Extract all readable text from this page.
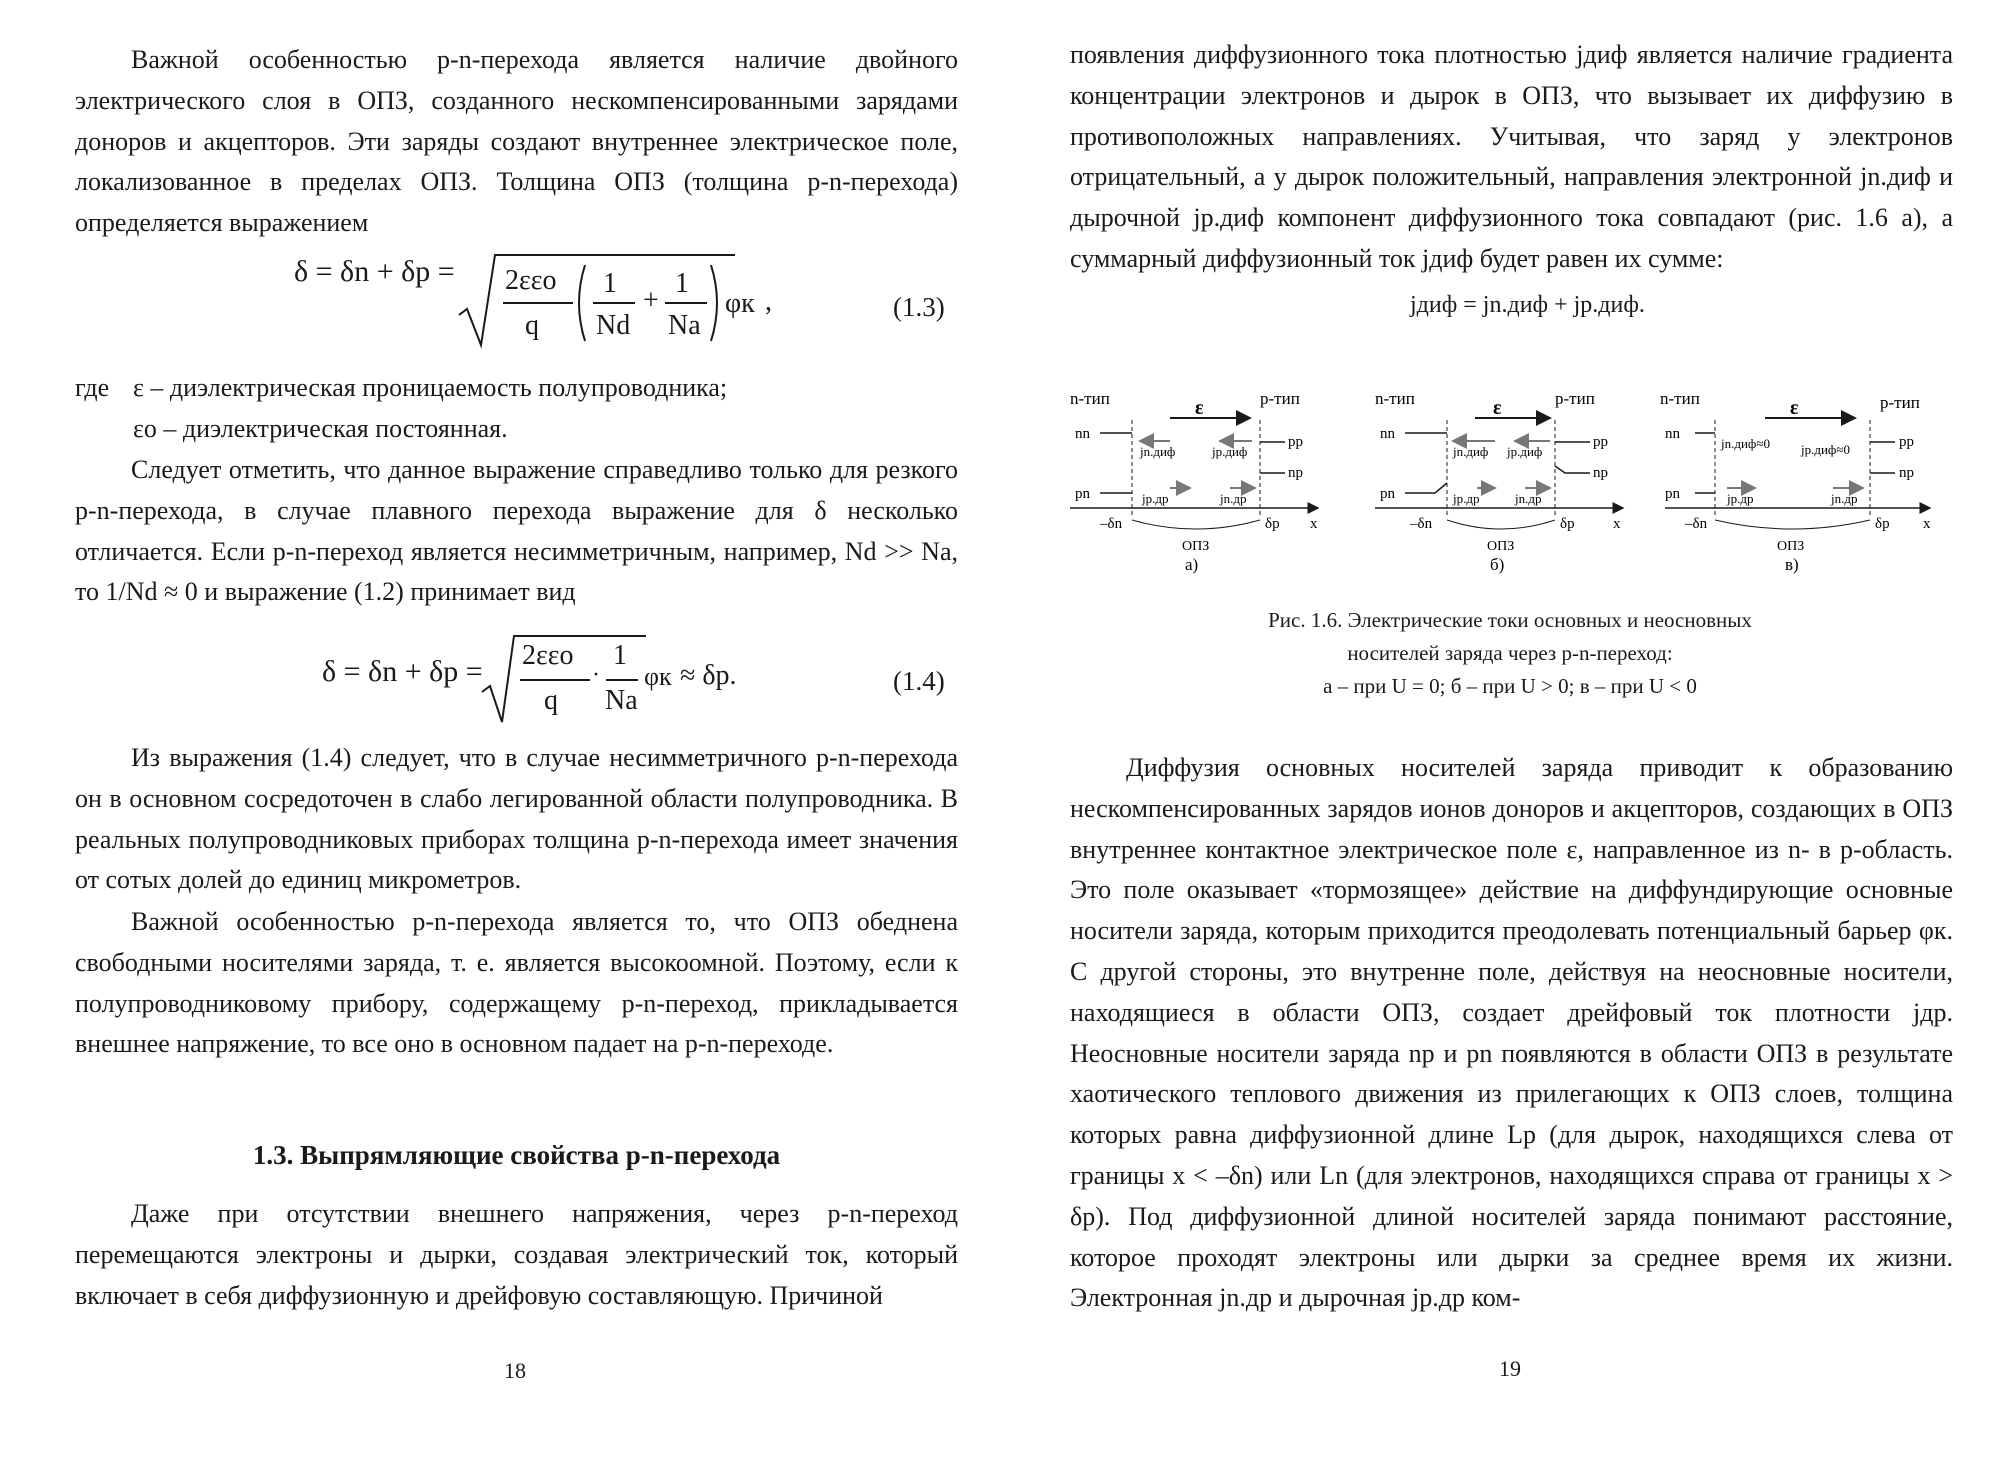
Важной особенностью p-n-перехода является наличие двойного электрического слоя в ОПЗ, созданного нескомпенсированными зарядами доноров и акцепторов. Эти заряды создают внутреннее электрическое поле, локализованное в пределах ОПЗ. Толщина ОПЗ (толщина p-n-перехода) определяется выражением

δ = δn + δp = 2εεo
q
1
Nd
+
1
Na
φк ,	(1.3)
где ε – диэлектрическая проницаемость полупроводника;
εo – диэлектрическая постоянная.

Следует отметить, что данное выражение справедливо только для резкого p-n-перехода, в случае плавного перехода выражение для δ несколько отличается. Если p-n-переход является несимметричным, например, Nd >> Na, то 1/Nd ≈ 0 и выражение (1.2) принимает вид

δ = δn + δp = 2εεo
q
·
1
Na
φк ≈ δp.	(1.4)

Из выражения (1.4) следует, что в случае несимметричного p-n-перехода он в основном сосредоточен в слабо легированной области полупроводника. В реальных полупроводниковых приборах толщина p-n-перехода имеет значения от сотых долей до единиц микрометров.

Важной особенностью p-n-перехода является то, что ОПЗ обеднена свободными носителями заряда, т. е. является высокоомной. Поэтому, если к полупроводниковому прибору, содержащему p-n-переход, прикладывается внешнее напряжение, то все оно в основном падает на p-n-переходе.

1.3. Выпрямляющие свойства p-n-перехода

Даже при отсутствии внешнего напряжения, через p-n-переход перемещаются электроны и дырки, создавая электрический ток, который включает в себя диффузионную и дрейфовую составляющую. Причиной

18

появления диффузионного тока плотностью jдиф является наличие градиента концентрации электронов и дырок в ОПЗ, что вызывает их диффузию в противоположных направлениях. Учитывая, что заряд у электронов отрицательный, а у дырок положительный, направления электронной jn.диф и дырочной jp.диф компонент диффузионного тока совпадают (рис. 1.6 а), а суммарный диффузионный ток jдиф будет равен их сумме:

jдиф = jn.диф + jp.диф.
n-тип	p-тип
ε
jn.диф	jp.диф
jp.др	jn.др
nn
pn
pp
np
ОПЗ
–δn	δp x
а)
n-тип	p-тип
ε
jn.диф jp.диф
jp.др	jn.др
nn
pn
pp
np
ОПЗ
–δn	δp	x
б)
n-тип	p-тип
ε
jn.диф≈0 jp.диф≈0
jp.др	jn.др
nn
pn
pp
np
ОПЗ
–δn	δp x
в)
Рис. 1.6. Электрические токи основных и неосновных
носителей заряда через p-n-переход:
а – при U = 0; б – при U > 0; в – при U < 0

Диффузия основных носителей заряда приводит к образованию нескомпенсированных зарядов ионов доноров и акцепторов, создающих в ОПЗ внутреннее контактное электрическое поле ε, направленное из n- в p-область. Это поле оказывает «тормозящее» действие на диффундирующие основные носители заряда, которым приходится преодолевать потенциальный барьер φк. С другой стороны, это внутренне поле, действуя на неосновные носители, находящиеся в области ОПЗ, создает дрейфовый ток плотности jдр. Неосновные носители заряда np и pn появляются в области ОПЗ в результате хаотического теплового движения из прилегающих к ОПЗ слоев, толщина которых равна диффузионной длине Lp (для дырок, находящихся слева от границы x < –δn) или Ln (для электронов, находящихся справа от границы x > δp). Под диффузионной длиной носителей заряда понимают расстояние, которое проходят электроны или дырки за среднее время их жизни. Электронная jn.др и дырочная jp.др ком-

19
